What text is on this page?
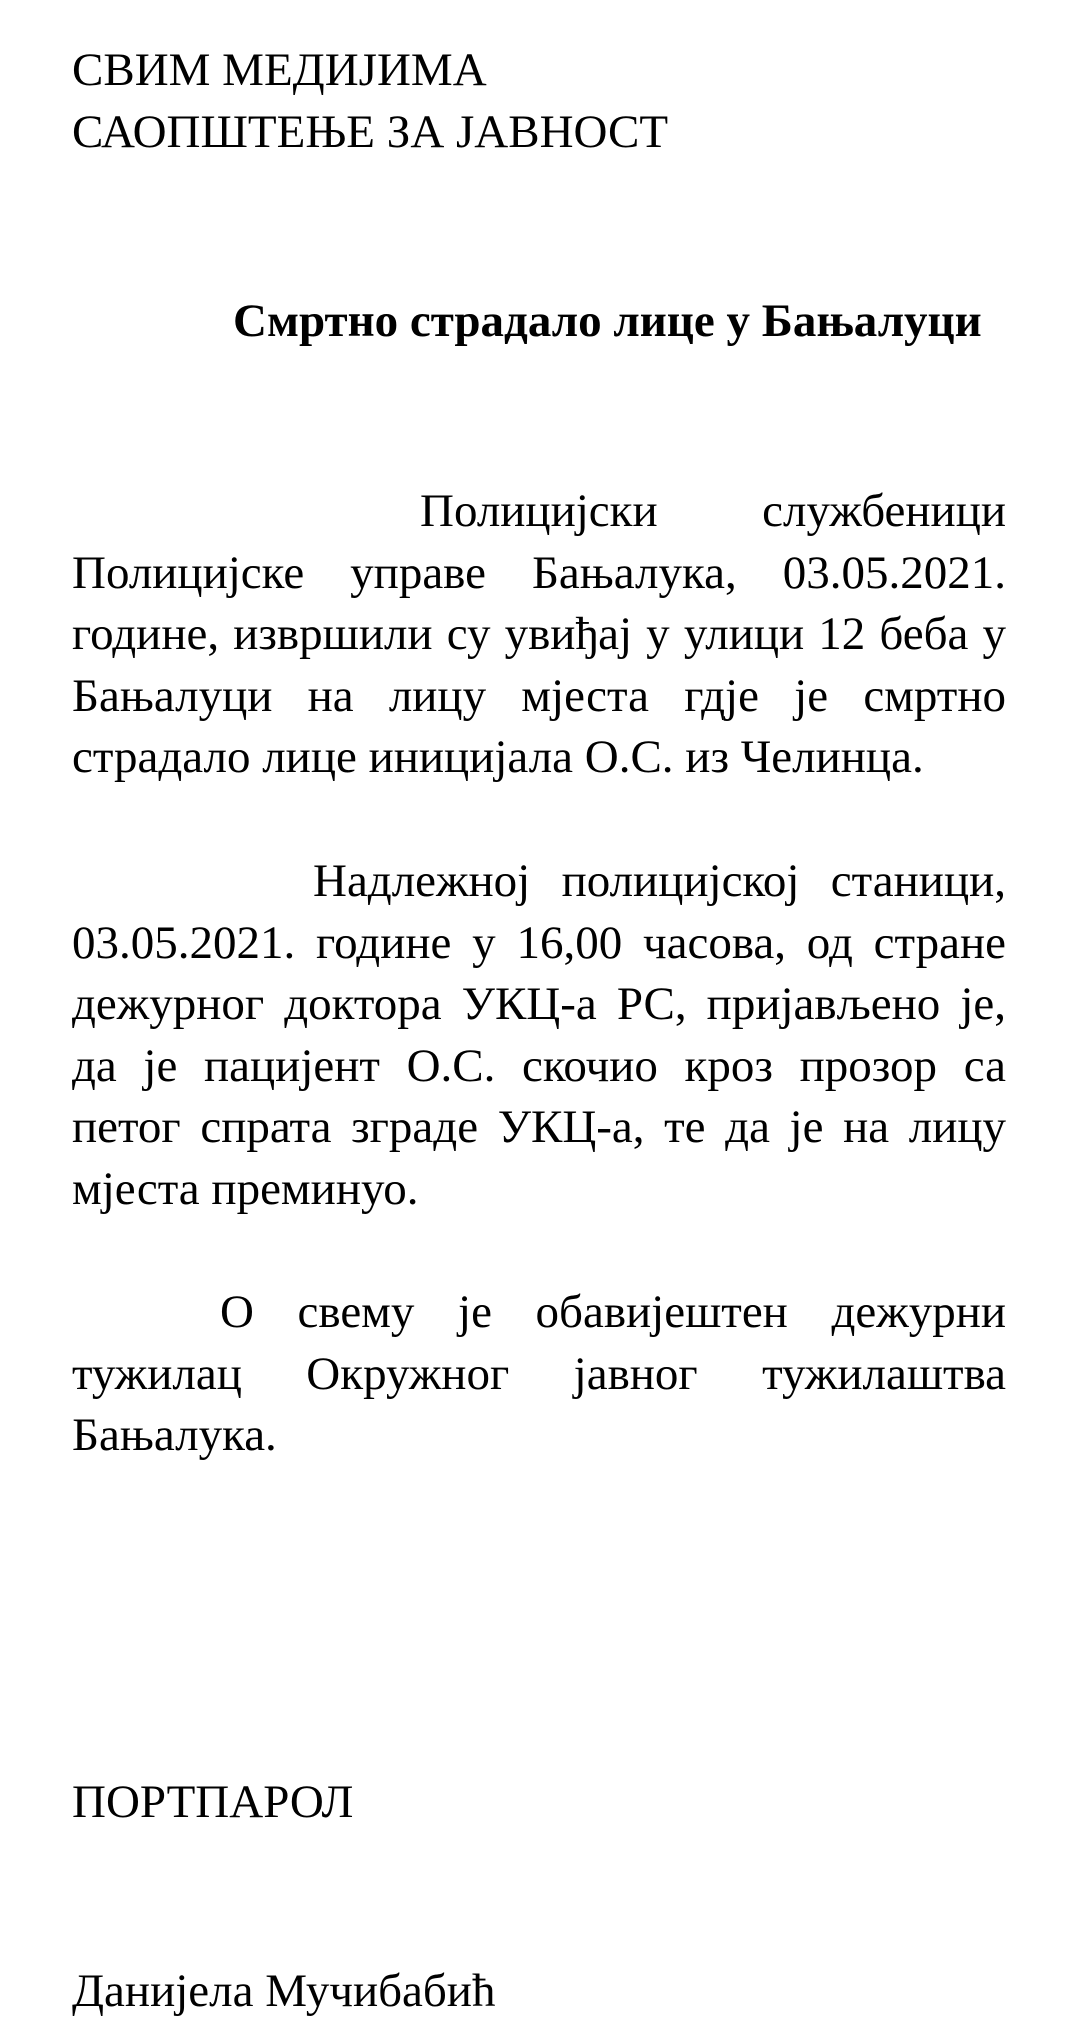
СВИМ МЕДИЈИМА

САОПШТЕЊЕ ЗА ЈАВНОСТ

Смртно страдало лице у Бањалуци

Полицијски службеници Полицијске управе Бањалука, 03.05.2021. године, извршили су увиђај у улици 12 беба у Бањалуци на лицу мјеста гдје је смртно страдало лице иницијала О.С. из Челинца.

Надлежној полицијској станици, 03.05.2021. године у 16,00 часова, од стране дежурног доктора УКЦ-а РС, пријављено је, да је пацијент О.С. скочио кроз прозор са петог спрата зграде УКЦ-а, те да је на лицу мјеста преминуо.

О свему је обавијештен дежурни тужилац Окружног јавног тужилаштва Бањалука.

ПОРТПАРОЛ

Данијела Мучибабић
